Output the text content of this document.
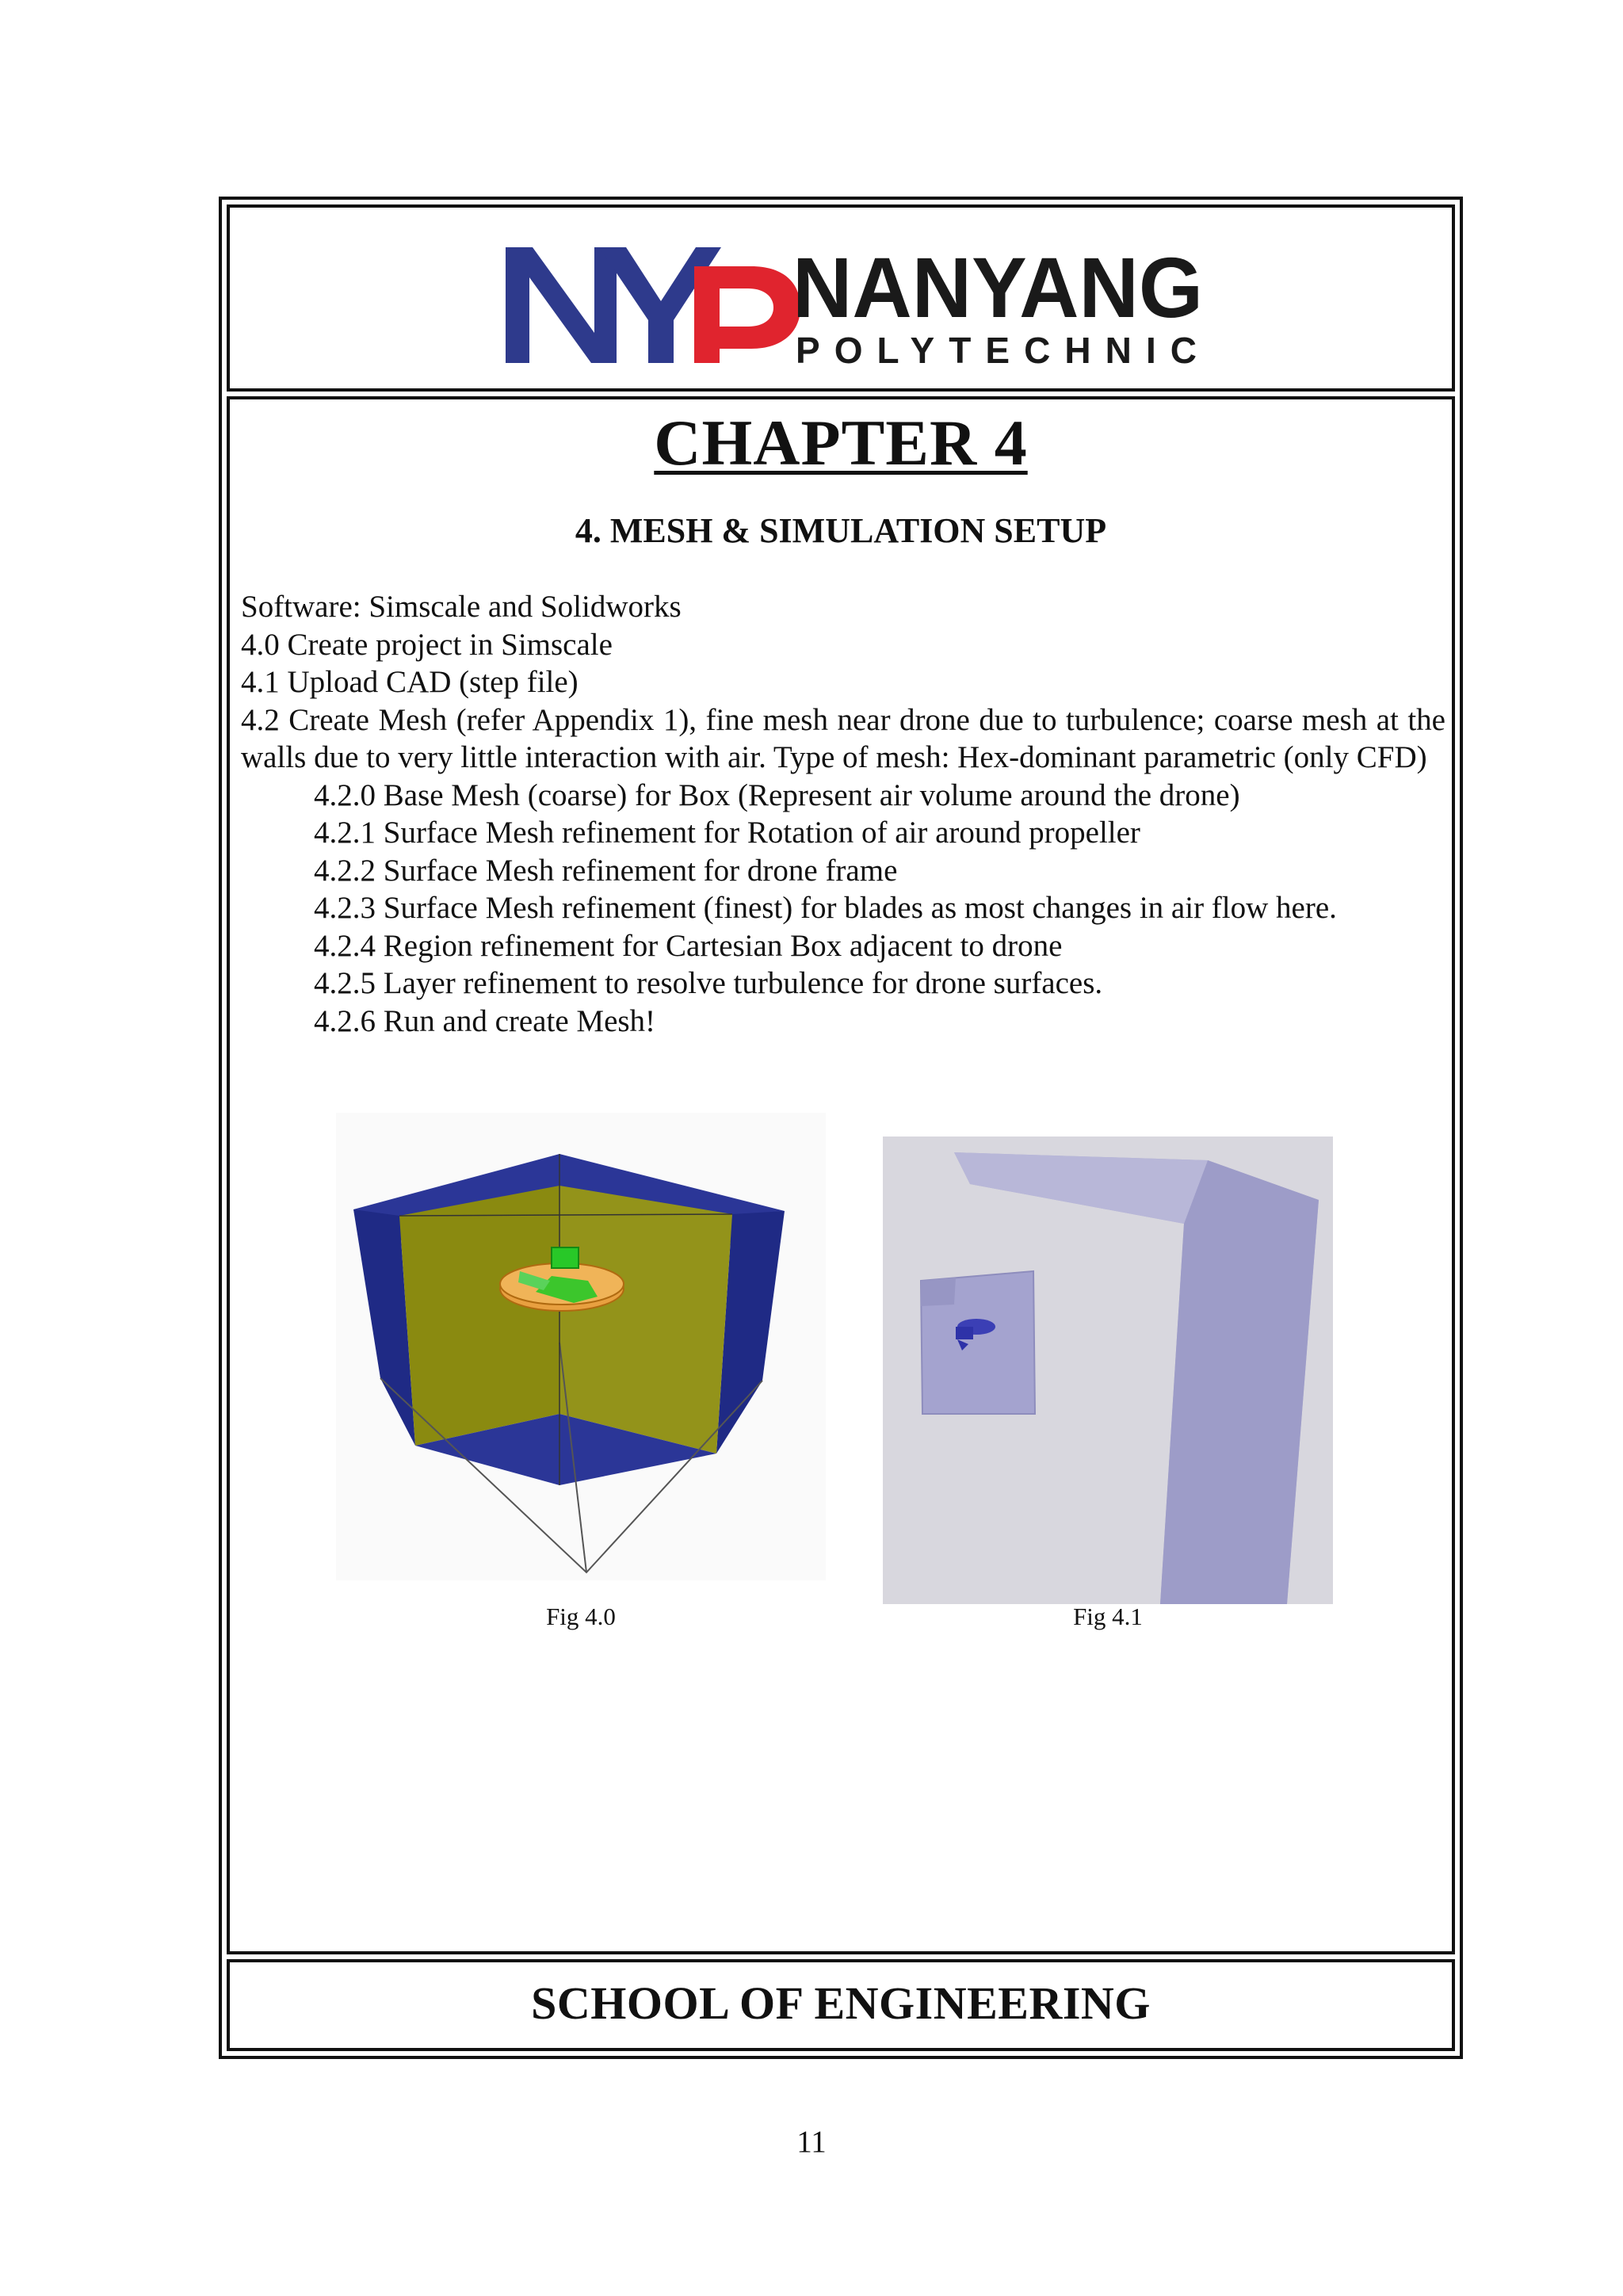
NANYANG
POLYTECHNIC
CHAPTER 4
4. MESH & SIMULATION SETUP

Software: Simscale and Solidworks

4.0 Create project in Simscale

4.1 Upload CAD (step file)

4.2 Create Mesh (refer Appendix 1), fine mesh near drone due to turbulence; coarse mesh at the walls due to very little interaction with air. Type of mesh: Hex-dominant parametric (only CFD)

4.2.0 Base Mesh (coarse) for Box (Represent air volume around the drone)

4.2.1 Surface Mesh refinement for Rotation of air around propeller

4.2.2 Surface Mesh refinement for drone frame

4.2.3 Surface Mesh refinement (finest) for blades as most changes in air flow here.

4.2.4 Region refinement for Cartesian Box adjacent to drone

4.2.5 Layer refinement to resolve turbulence for drone surfaces.

4.2.6 Run and create Mesh!

Fig 4.0	Fig 4.1
SCHOOL OF ENGINEERING
11
